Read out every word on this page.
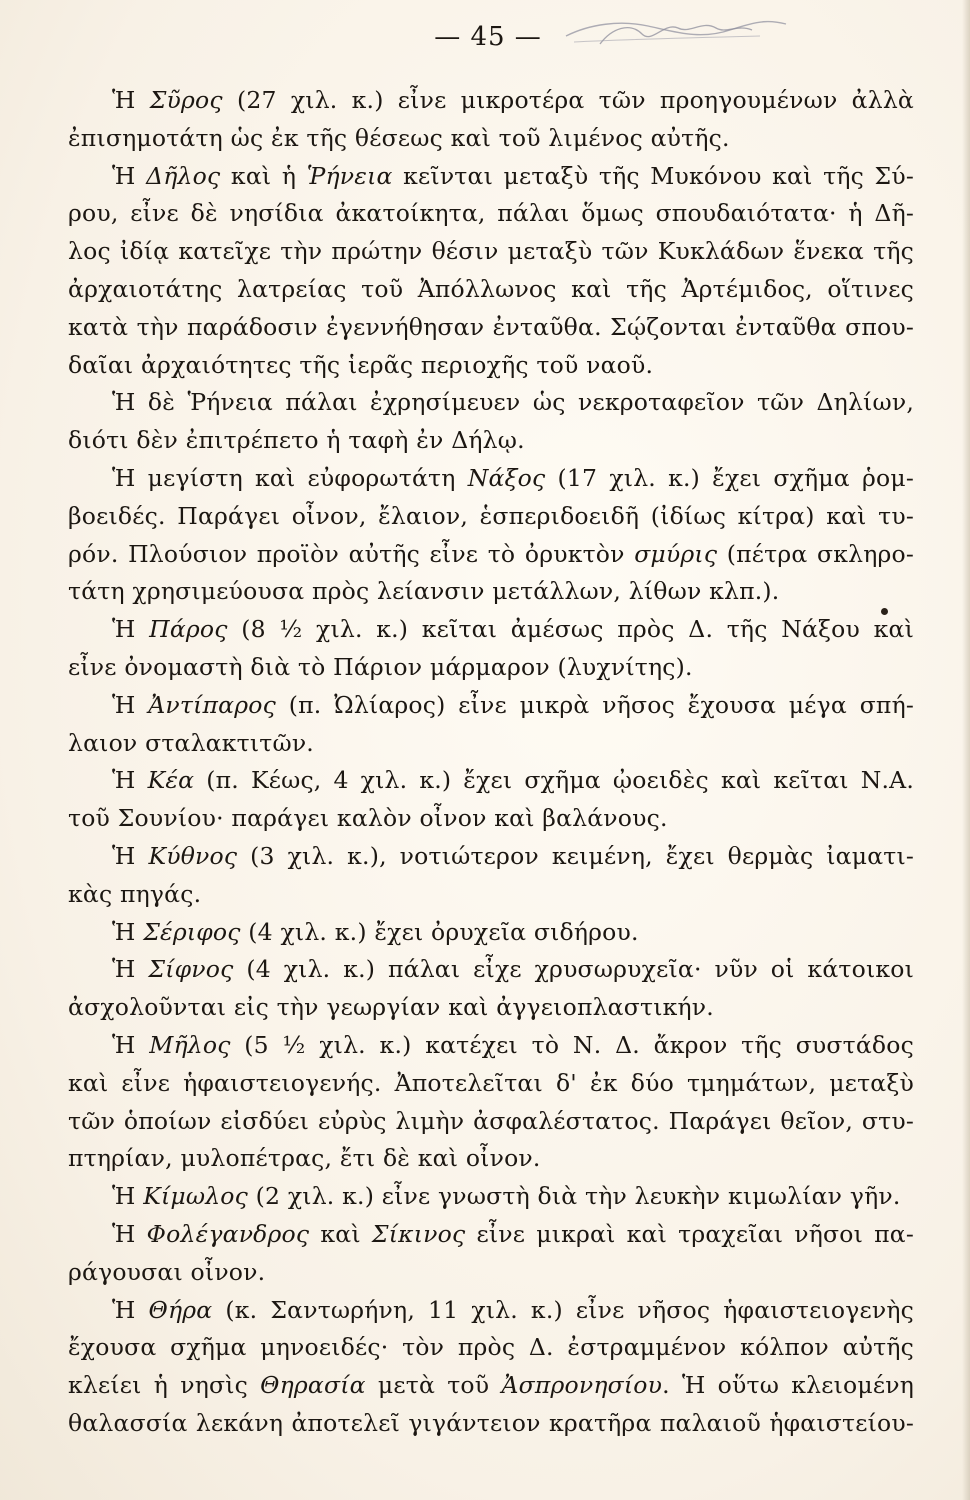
— 45 —
Ἡ Σῦρος (27 χιλ. κ.) εἶνε μικροτέρα τῶν προηγουμένων ἀλλὰ
ἐπισημοτάτη ὡς ἐκ τῆς θέσεως καὶ τοῦ λιμένος αὐτῆς.
Ἡ Δῆλος καὶ ἡ Ῥήνεια κεῖνται μεταξὺ τῆς Μυκόνου καὶ τῆς Σύ-
ρου, εἶνε δὲ νησίδια ἀκατοίκητα, πάλαι ὅμως σπουδαιότατα· ἡ Δῆ-
λος ἰδίᾳ κατεῖχε τὴν πρώτην θέσιν μεταξὺ τῶν Κυκλάδων ἕνεκα τῆς
ἀρχαιοτάτης λατρείας τοῦ Ἀπόλλωνος καὶ τῆς Ἀρτέμιδος, οἵτινες
κατὰ τὴν παράδοσιν ἐγεννήθησαν ἐνταῦθα. Σῴζονται ἐνταῦθα σπου-
δαῖαι ἀρχαιότητες τῆς ἱερᾶς περιοχῆς τοῦ ναοῦ.
Ἡ δὲ Ῥήνεια πάλαι ἐχρησίμευεν ὡς νεκροταφεῖον τῶν Δηλίων,
διότι δὲν ἐπιτρέπετο ἡ ταφὴ ἐν Δήλῳ.
Ἡ μεγίστη καὶ εὐφορωτάτη Νάξος (17 χιλ. κ.) ἔχει σχῆμα ῥομ-
βοειδές. Παράγει οἶνον, ἔλαιον, ἑσπεριδοειδῆ (ἰδίως κίτρα) καὶ τυ-
ρόν. Πλούσιον προϊὸν αὐτῆς εἶνε τὸ ὀρυκτὸν σμύρις (πέτρα σκληρο-
τάτη χρησιμεύουσα πρὸς λείανσιν μετάλλων, λίθων κλπ.).
Ἡ Πάρος (8 ½ χιλ. κ.) κεῖται ἀμέσως πρὸς Δ. τῆς Νάξου καὶ
εἶνε ὀνομαστὴ διὰ τὸ Πάριον μάρμαρον (λυχνίτης).
Ἡ Ἀντίπαρος (π. Ὠλίαρος) εἶνε μικρὰ νῆσος ἔχουσα μέγα σπή-
λαιον σταλακτιτῶν.
Ἡ Κέα (π. Κέως, 4 χιλ. κ.) ἔχει σχῆμα ᾠοειδὲς καὶ κεῖται Ν.Α.
τοῦ Σουνίου· παράγει καλὸν οἶνον καὶ βαλάνους.
Ἡ Κύθνος (3 χιλ. κ.), νοτιώτερον κειμένη, ἔχει θερμὰς ἰαματι-
κὰς πηγάς.
Ἡ Σέριφος (4 χιλ. κ.) ἔχει ὀρυχεῖα σιδήρου.
Ἡ Σίφνος (4 χιλ. κ.) πάλαι εἶχε χρυσωρυχεῖα· νῦν οἱ κάτοικοι
ἀσχολοῦνται εἰς τὴν γεωργίαν καὶ ἀγγειοπλαστικήν.
Ἡ Μῆλος (5 ½ χιλ. κ.) κατέχει τὸ Ν. Δ. ἄκρον τῆς συστάδος
καὶ εἶνε ἡφαιστειογενής. Ἀποτελεῖται δ' ἐκ δύο τμημάτων, μεταξὺ
τῶν ὁποίων εἰσδύει εὐρὺς λιμὴν ἀσφαλέστατος. Παράγει θεῖον, στυ-
πτηρίαν, μυλοπέτρας, ἔτι δὲ καὶ οἶνον.
Ἡ Κίμωλος (2 χιλ. κ.) εἶνε γνωστὴ διὰ τὴν λευκὴν κιμωλίαν γῆν.
Ἡ Φολέγανδρος καὶ Σίκινος εἶνε μικραὶ καὶ τραχεῖαι νῆσοι πα-
ράγουσαι οἶνον.
Ἡ Θήρα (κ. Σαντωρήνη, 11 χιλ. κ.) εἶνε νῆσος ἡφαιστειογενὴς
ἔχουσα σχῆμα μηνοειδές· τὸν πρὸς Δ. ἐστραμμένον κόλπον αὐτῆς
κλείει ἡ νησὶς Θηρασία μετὰ τοῦ Ἀσπρονησίου. Ἡ οὕτω κλειομένη
θαλασσία λεκάνη ἀποτελεῖ γιγάντειον κρατῆρα παλαιοῦ ἡφαιστείου-
